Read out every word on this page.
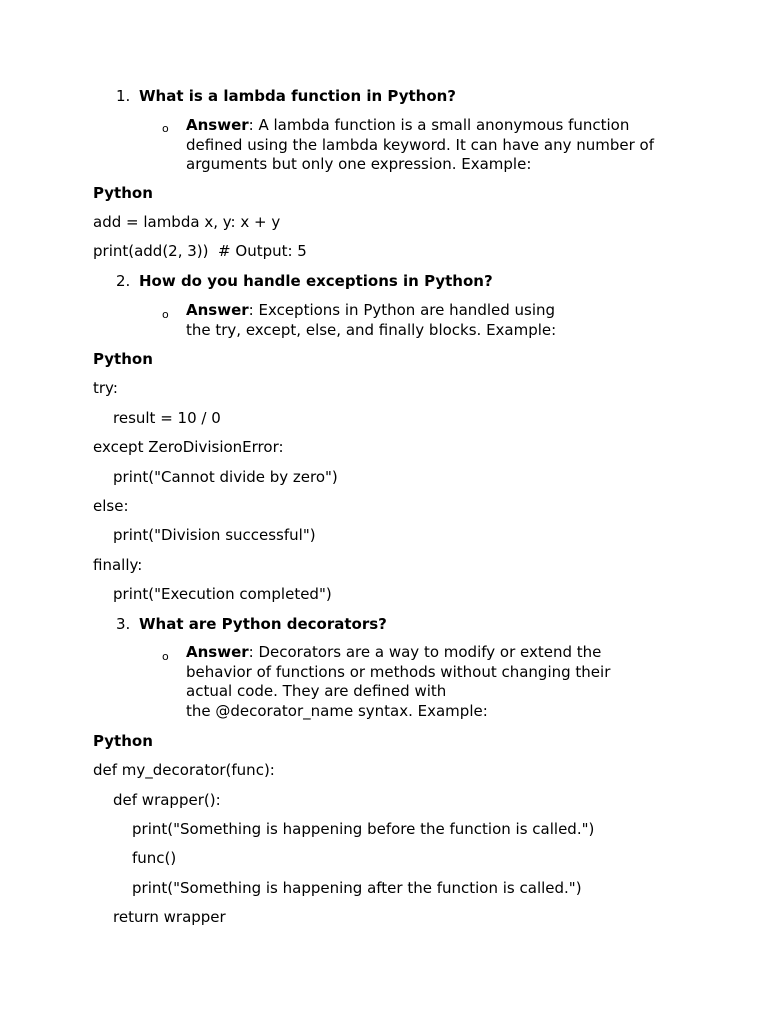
1. What is a lambda function in Python?
o Answer: A lambda function is a small anonymous function
defined using the lambda keyword. It can have any number of
arguments but only one expression. Example:
Python
add = lambda x, y: x + y
print(add(2, 3))  # Output: 5
2. How do you handle exceptions in Python?
o Answer: Exceptions in Python are handled using
the try, except, else, and finally blocks. Example:
Python
try:
result = 10 / 0
except ZeroDivisionError:
print("Cannot divide by zero")
else:
print("Division successful")
finally:
print("Execution completed")
3. What are Python decorators?
o Answer: Decorators are a way to modify or extend the
behavior of functions or methods without changing their
actual code. They are defined with
the @decorator_name syntax. Example:
Python
def my_decorator(func):
def wrapper():
print("Something is happening before the function is called.")
func()
print("Something is happening after the function is called.")
return wrapper
